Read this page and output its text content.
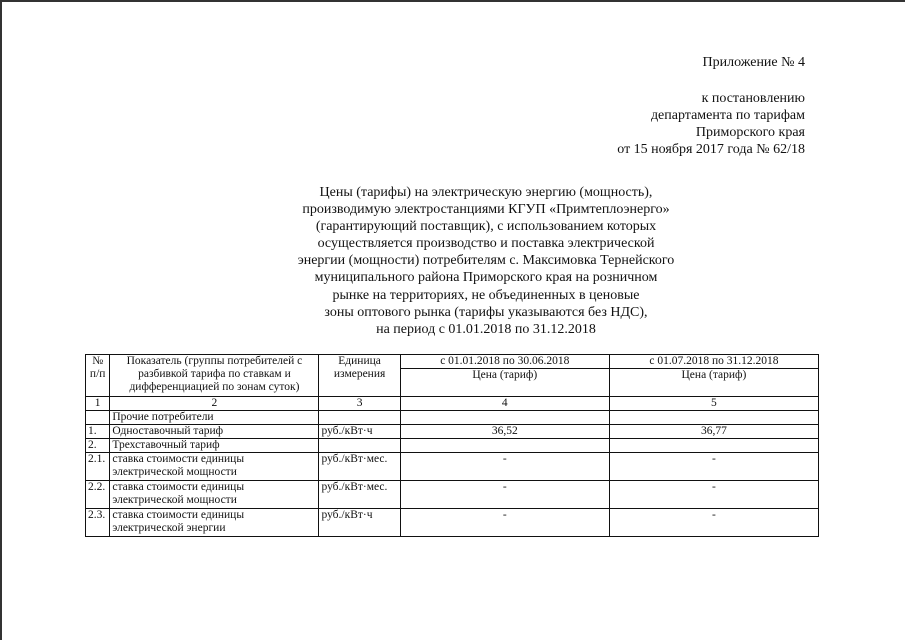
Приложение № 4
к постановлению
департамента по тарифам
Приморского края
от 15 ноября 2017 года № 62/18
Цены (тарифы) на электрическую энергию (мощность),
производимую электростанциями КГУП «Примтеплоэнерго»
(гарантирующий поставщик), с использованием которых
осуществляется производство и поставка электрической
энергии (мощности) потребителям с. Максимовка Тернейского
муниципального района Приморского края на розничном
рынке на территориях, не объединенных в ценовые
зоны оптового рынка (тарифы указываются без НДС),
на период с 01.01.2018 по 31.12.2018
№ п/п	Показатель (группы потребителей с разбивкой тарифа по ставкам и дифференциацией по зонам суток)	Единица измерения	с 01.01.2018 по 30.06.2018	с 01.07.2018 по 31.12.2018
			Цена (тариф)	Цена (тариф)
1	2	3	4	5
	Прочие потребители			
1.	Одноставочный тариф	руб./кВт·ч	36,52	36,77
2.	Трехставочный тариф			
2.1.	ставка стоимости единицы электрической мощности	руб./кВт·мес.	-	-
2.2.	ставка стоимости единицы электрической мощности	руб./кВт·мес.	-	-
2.3.	ставка стоимости единицы электрической энергии	руб./кВт·ч	-	-
